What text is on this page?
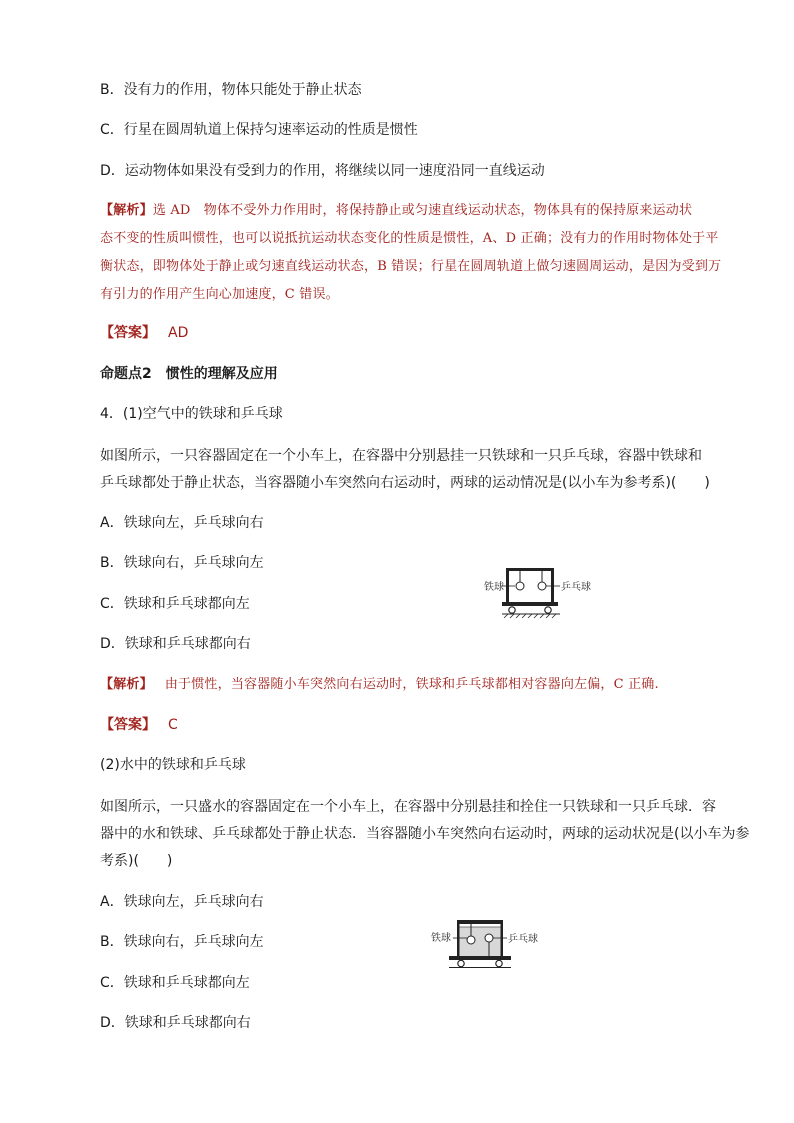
B．没有力的作用，物体只能处于静止状态
C．行星在圆周轨道上保持匀速率运动的性质是惯性
D．运动物体如果没有受到力的作用，将继续以同一速度沿同一直线运动
【解析】选 AD　物体不受外力作用时，将保持静止或匀速直线运动状态，物体具有的保持原来运动状
态不变的性质叫惯性，也可以说抵抗运动状态变化的性质是惯性，A、D 正确；没有力的作用时物体处于平
衡状态，即物体处于静止或匀速直线运动状态，B 错误；行星在圆周轨道上做匀速圆周运动，是因为受到万
有引力的作用产生向心加速度，C 错误。
【答案】 AD
命题点2　惯性的理解及应用
4．(1)空气中的铁球和乒乓球
如图所示，一只容器固定在一个小车上，在容器中分别悬挂一只铁球和一只乒乓球，容器中铁球和
乒乓球都处于静止状态，当容器随小车突然向右运动时，两球的运动情况是(以小车为参考系)(　　)
A．铁球向左，乒乓球向右
B．铁球向右，乒乓球向左
C．铁球和乒乓球都向左
D．铁球和乒乓球都向右
铁球	乒乓球
【解析】 由于惯性，当容器随小车突然向右运动时，铁球和乒乓球都相对容器向左偏，C 正确.
【答案】 C
(2)水中的铁球和乒乓球
如图所示，一只盛水的容器固定在一个小车上，在容器中分别悬挂和拴住一只铁球和一只乒乓球．容
器中的水和铁球、乒乓球都处于静止状态．当容器随小车突然向右运动时，两球的运动状况是(以小车为参
考系)(　　)
A．铁球向左，乒乓球向右
B．铁球向右，乒乓球向左
C．铁球和乒乓球都向左
D．铁球和乒乓球都向右
铁球	乒乓球
